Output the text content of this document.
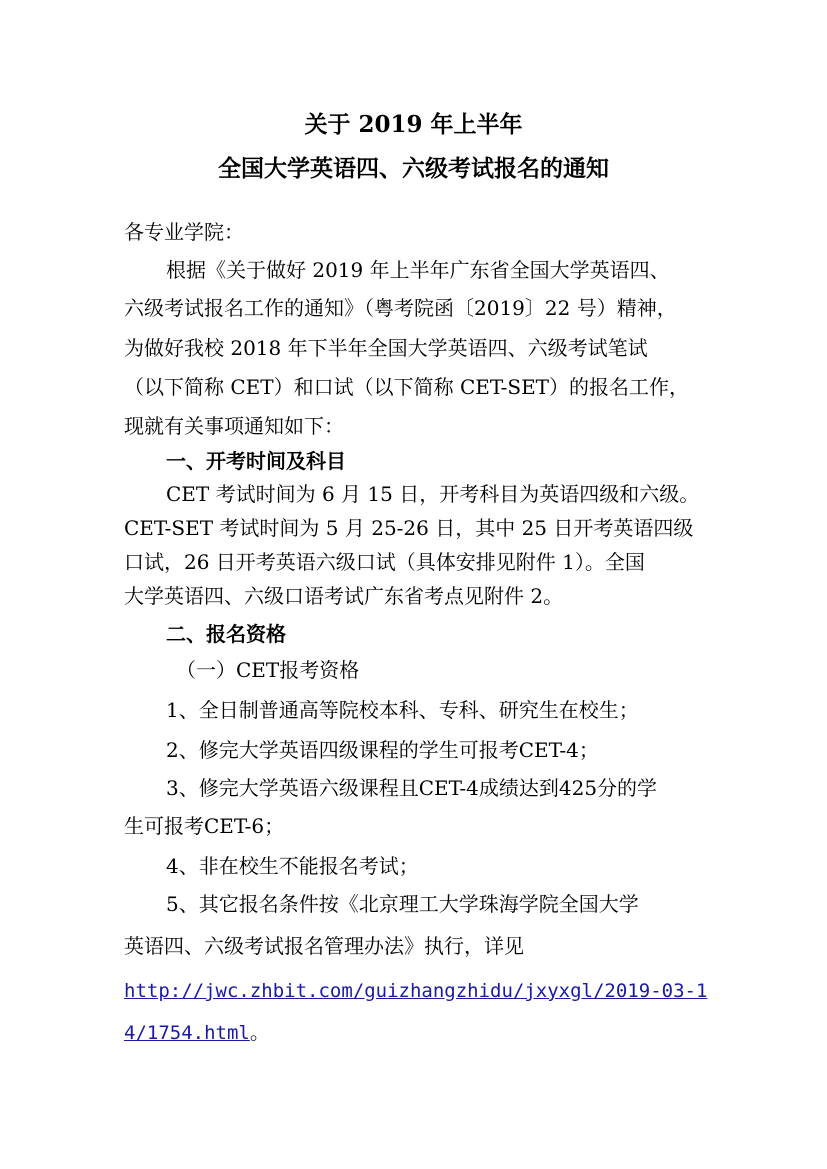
关于 2019 年上半年
全国大学英语四、六级考试报名的通知
各专业学院：
根据《关于做好 2019 年上半年广东省全国大学英语四、
六级考试报名工作的通知》（粤考院函〔2019〕22 号）精神，
为做好我校 2018 年下半年全国大学英语四、六级考试笔试
（以下简称 CET）和口试（以下简称 CET-SET）的报名工作，
现就有关事项通知如下：
一、开考时间及科目
CET 考试时间为 6 月 15 日，开考科目为英语四级和六级。
CET-SET 考试时间为 5 月 25-26 日，其中 25 日开考英语四级
口试，26 日开考英语六级口试（具体安排见附件 1）。全国
大学英语四、六级口语考试广东省考点见附件 2。
二、报名资格
（一）CET报考资格
1、全日制普通高等院校本科、专科、研究生在校生；
2、修完大学英语四级课程的学生可报考CET-4；
3、修完大学英语六级课程且CET-4成绩达到425分的学
生可报考CET-6；
4、非在校生不能报名考试；
5、其它报名条件按《北京理工大学珠海学院全国大学
英语四、六级考试报名管理办法》执行，详见
http://jwc.zhbit.com/guizhangzhidu/jxyxgl/2019-03-1
4/1754.html。
